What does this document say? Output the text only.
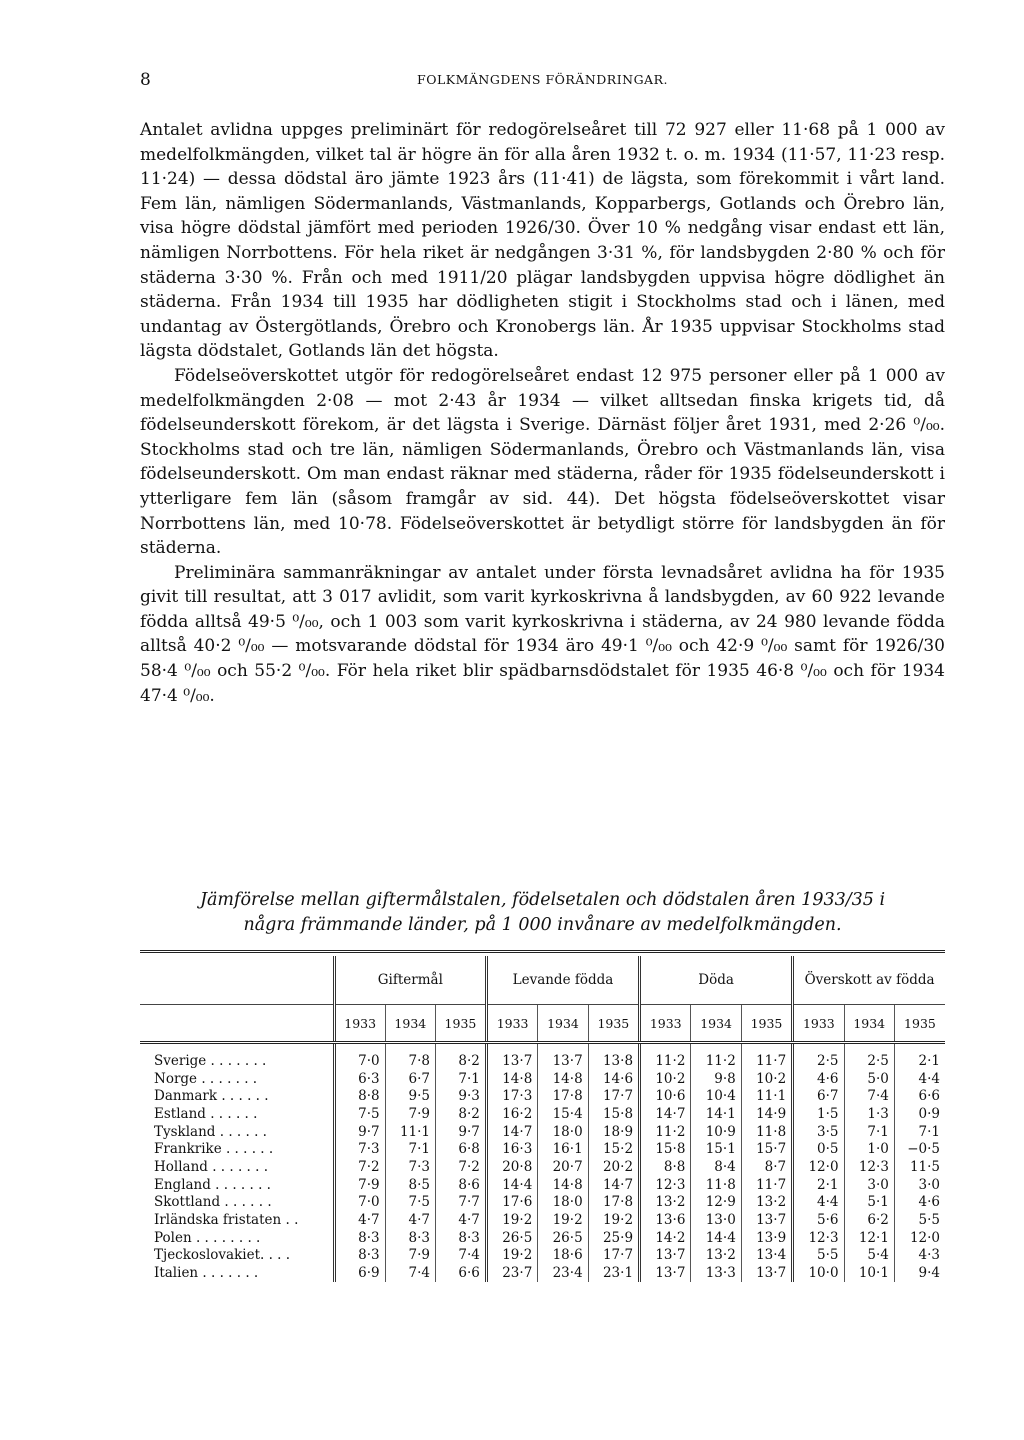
8	FOLKMÄNGDENS FÖRÄNDRINGAR.

Antalet avlidna uppges preliminärt för redogörelseåret till 72 927 eller 11·68 på 1 000 av medelfolkmängden, vilket tal är högre än för alla åren 1932 t. o. m. 1934 (11·57, 11·23 resp. 11·24) — dessa dödstal äro jämte 1923 års (11·41) de lägsta, som förekommit i vårt land. Fem län, nämligen Södermanlands, Västmanlands, Kopparbergs, Gotlands och Örebro län, visa högre dödstal jämfört med perioden 1926/30. Över 10 % nedgång visar endast ett län, nämligen Norrbottens. För hela riket är nedgången 3·31 %, för landsbygden 2·80 % och för städerna 3·30 %. Från och med 1911/20 plägar landsbygden uppvisa högre dödlighet än städerna. Från 1934 till 1935 har dödligheten stigit i Stockholms stad och i länen, med undantag av Östergötlands, Örebro och Kronobergs län. År 1935 uppvisar Stockholms stad lägsta dödstalet, Gotlands län det högsta.

Födelseöverskottet utgör för redogörelseåret endast 12 975 personer eller på 1 000 av medelfolkmängden 2·08 — mot 2·43 år 1934 — vilket alltsedan finska krigets tid, då födelseunderskott förekom, är det lägsta i Sverige. Därnäst följer året 1931, med 2·26 ⁰/₀₀. Stockholms stad och tre län, nämligen Södermanlands, Örebro och Västmanlands län, visa födelseunderskott. Om man endast räknar med städerna, råder för 1935 födelseunderskott i ytterligare fem län (såsom framgår av sid. 44). Det högsta födelseöverskottet visar Norrbottens län, med 10·78. Födelseöverskottet är betydligt större för landsbygden än för städerna.

Preliminära sammanräkningar av antalet under första levnadsåret avlidna ha för 1935 givit till resultat, att 3 017 avlidit, som varit kyrkoskrivna å landsbygden, av 60 922 levande födda alltså 49·5 ⁰/₀₀, och 1 003 som varit kyrkoskrivna i städerna, av 24 980 levande födda alltså 40·2 ⁰/₀₀ — motsvarande dödstal för 1934 äro 49·1 ⁰/₀₀ och 42·9 ⁰/₀₀ samt för 1926/30 58·4 ⁰/₀₀ och 55·2 ⁰/₀₀. För hela riket blir spädbarnsdödstalet för 1935 46·8 ⁰/₀₀ och för 1934 47·4 ⁰/₀₀.

Jämförelse mellan giftermålstalen, födelsetalen och dödstalen åren 1933/35 i
några främmande länder, på 1 000 invånare av medelfolkmängden.

	Giftermål			Levande födda			Döda			Överskott av födda		
	1933	1934	1935	1933	1934	1935	1933	1934	1935	1933	1934	1935
Sverige . . . . . . .	7·0	7·8	8·2	13·7	13·7	13·8	11·2	11·2	11·7	2·5	2·5	2·1
Norge . . . . . . .	6·3	6·7	7·1	14·8	14·8	14·6	10·2	9·8	10·2	4·6	5·0	4·4
Danmark . . . . . .	8·8	9·5	9·3	17·3	17·8	17·7	10·6	10·4	11·1	6·7	7·4	6·6
Estland . . . . . .	7·5	7·9	8·2	16·2	15·4	15·8	14·7	14·1	14·9	1·5	1·3	0·9
Tyskland . . . . . .	9·7	11·1	9·7	14·7	18·0	18·9	11·2	10·9	11·8	3·5	7·1	7·1
Frankrike . . . . . .	7·3	7·1	6·8	16·3	16·1	15·2	15·8	15·1	15·7	0·5	1·0	−0·5
Holland . . . . . . .	7·2	7·3	7·2	20·8	20·7	20·2	8·8	8·4	8·7	12·0	12·3	11·5
England . . . . . . .	7·9	8·5	8·6	14·4	14·8	14·7	12·3	11·8	11·7	2·1	3·0	3·0
Skottland . . . . . .	7·0	7·5	7·7	17·6	18·0	17·8	13·2	12·9	13·2	4·4	5·1	4·6
Irländska fristaten . .	4·7	4·7	4·7	19·2	19·2	19·2	13·6	13·0	13·7	5·6	6·2	5·5
Polen . . . . . . . .	8·3	8·3	8·3	26·5	26·5	25·9	14·2	14·4	13·9	12·3	12·1	12·0
Tjeckoslovakiet. . . .	8·3	7·9	7·4	19·2	18·6	17·7	13·7	13·2	13·4	5·5	5·4	4·3
Italien . . . . . . .	6·9	7·4	6·6	23·7	23·4	23·1	13·7	13·3	13·7	10·0	10·1	9·4
